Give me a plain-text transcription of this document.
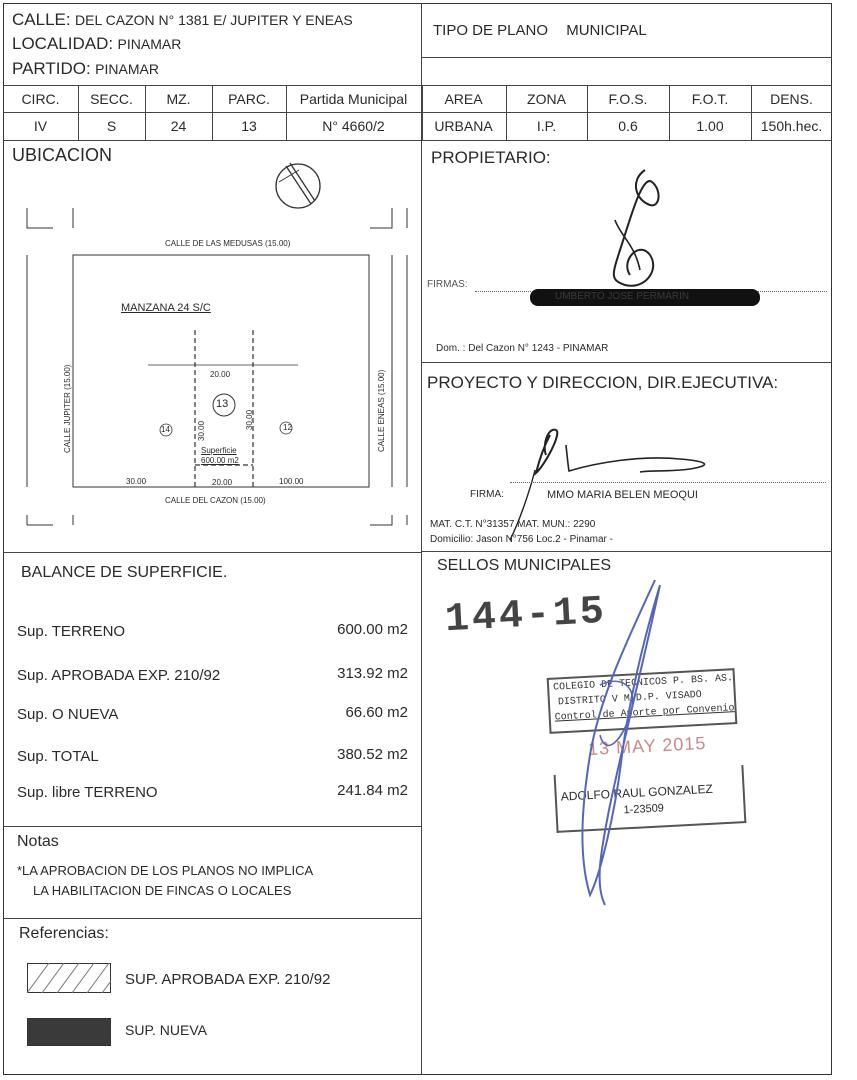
CALLE: DEL CAZON N° 1381 E/ JUPITER Y ENEAS
LOCALIDAD: PINAMAR
PARTIDO: PINAMAR
TIPO DE PLANO MUNICIPAL
CIRC.	SECC.	MZ.	PARC.	Partida Municipal	AREA	ZONA	F.O.S.	F.O.T.	DENS.
IV	S	24	13	N° 4660/2	URBANA	I.P.	0.6	1.00	150h.hec.
UBICACION
CALLE DE LAS MEDUSAS (15.00)
CALLE DEL CAZON (15.00)
CALLE JUPITER (15.00)	CALLE ENEAS (15.00)
MANZANA 24 S/C
13
14	12
20.00
20.00
30.00
30.00
30.00	100.00
Superficie
600.00 m2
PROPIETARIO:
FIRMAS:
UMBERTO JOSE PERMARIN
Dom. : Del Cazon N° 1243 - PINAMAR
PROYECTO Y DIRECCION, DIR.EJECUTIVA:
FIRMA:	MMO MARIA BELEN MEOQUI
MAT. C.T. N°31357 MAT. MUN.: 2290
Domicilio: Jason N°756 Loc.2 - Pinamar -
BALANCE DE SUPERFICIE.
Sup. TERRENO	600.00 m2
Sup. APROBADA EXP. 210/92	313.92 m2
Sup. O NUEVA	66.60 m2
Sup. TOTAL	380.52 m2
Sup. libre TERRENO	241.84 m2
Notas
*LA APROBACION DE LOS PLANOS NO IMPLICA
LA HABILITACION DE FINCAS O LOCALES
Referencias:
SUP. APROBADA EXP. 210/92
SUP. NUEVA
SELLOS MUNICIPALES
144-15
COLEGIO DE TECNICOS P. BS. AS.
DISTRITO V M.D.P. VISADO
Control de Aporte por Convenio
13 MAY 2015
ADOLFO RAUL GONZALEZ
1-23509
